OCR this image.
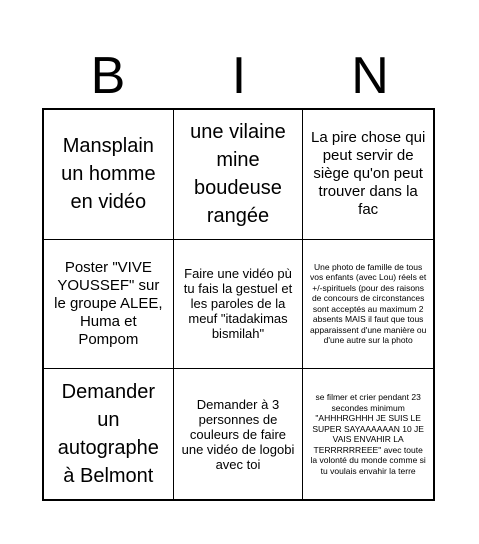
B	I	N
Mansplain un homme en vidéo
une vilaine mine boudeuse rangée
La pire chose qui peut servir de siège qu'on peut trouver dans la fac
Poster "VIVE YOUSSEF" sur le groupe ALEE, Huma et Pompom
Faire une vidéo pù tu fais la gestuel et les paroles de la meuf "itadakimas bismilah"
Une photo de famille de tous vos enfants (avec Lou) réels et +/-spirituels (pour des raisons de concours de circonstances sont acceptés au maximum 2 absents MAIS il faut que tous apparaissent d'une manière ou d'une autre sur la photo
Demander un autographe à Belmont
Demander à 3 personnes de couleurs de faire une vidéo de logobi avec toi
se filmer et crier pendant 23 secondes minimum "AHHHRGHHH JE SUIS LE SUPER SAYAAAAAAN 10 JE VAIS ENVAHIR LA TERRRRRREEE" avec toute la volonté du monde comme si tu voulais envahir la terre
